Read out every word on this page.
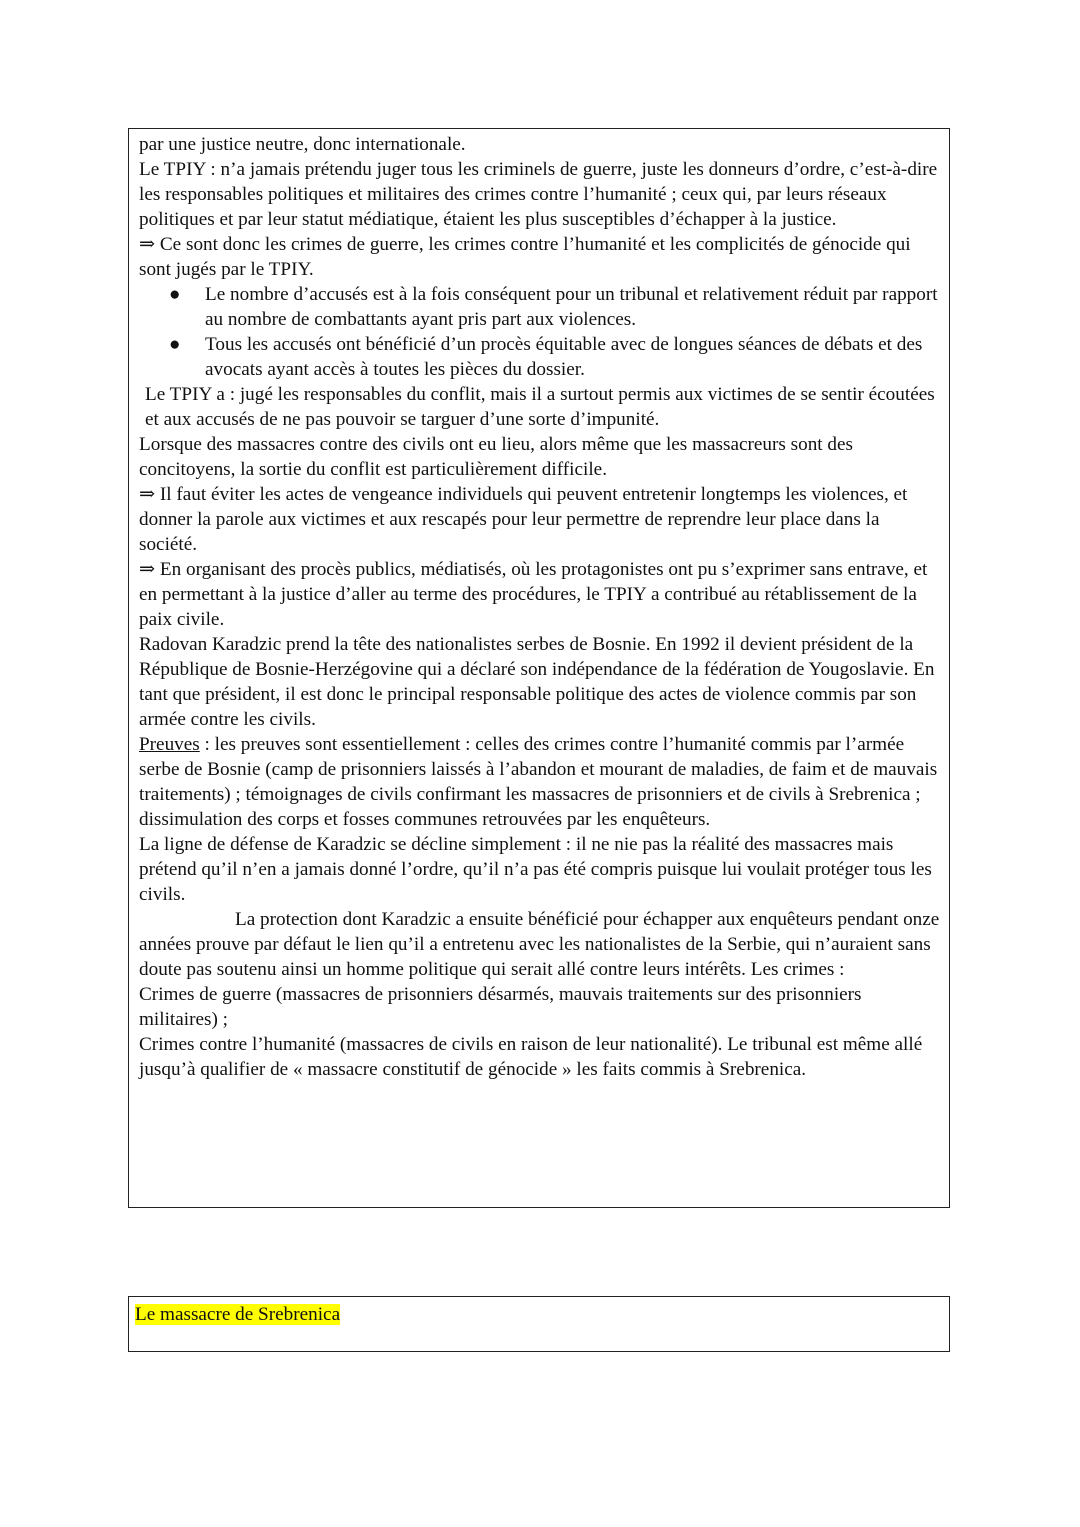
par une justice neutre, donc internationale.

Le TPIY : n’a jamais prétendu juger tous les criminels de guerre, juste les donneurs d’ordre, c’est-à-dire les responsables politiques et militaires des crimes contre l’humanité ; ceux qui, par leurs réseaux politiques et par leur statut médiatique, étaient les plus susceptibles d’échapper à la justice.

⇒ Ce sont donc les crimes de guerre, les crimes contre l’humanité et les complicités de génocide qui sont jugés par le TPIY.

● Le nombre d’accusés est à la fois conséquent pour un tribunal et relativement réduit par rapport au nombre de combattants ayant pris part aux violences.
● Tous les accusés ont bénéficié d’un procès équitable avec de longues séances de débats et des avocats ayant accès à toutes les pièces du dossier.

Le TPIY a : jugé les responsables du conflit, mais il a surtout permis aux victimes de se sentir écoutées et aux accusés de ne pas pouvoir se targuer d’une sorte d’impunité.

Lorsque des massacres contre des civils ont eu lieu, alors même que les massacreurs sont des concitoyens, la sortie du conflit est particulièrement difficile.

⇒ Il faut éviter les actes de vengeance individuels qui peuvent entretenir longtemps les violences, et donner la parole aux victimes et aux rescapés pour leur permettre de reprendre leur place dans la société.

⇒ En organisant des procès publics, médiatisés, où les protagonistes ont pu s’exprimer sans entrave, et en permettant à la justice d’aller au terme des procédures, le TPIY a contribué au rétablissement de la paix civile.

Radovan Karadzic prend la tête des nationalistes serbes de Bosnie. En 1992 il devient président de la République de Bosnie-Herzégovine qui a déclaré son indépendance de la fédération de Yougoslavie. En tant que président, il est donc le principal responsable politique des actes de violence commis par son armée contre les civils.

Preuves : les preuves sont essentiellement : celles des crimes contre l’humanité commis par l’armée serbe de Bosnie (camp de prisonniers laissés à l’abandon et mourant de maladies, de faim et de mauvais traitements) ; témoignages de civils confirmant les massacres de prisonniers et de civils à Srebrenica ; dissimulation des corps et fosses communes retrouvées par les enquêteurs.

La ligne de défense de Karadzic se décline simplement : il ne nie pas la réalité des massacres mais prétend qu’il n’en a jamais donné l’ordre, qu’il n’a pas été compris puisque lui voulait protéger tous les civils.

La protection dont Karadzic a ensuite bénéficié pour échapper aux enquêteurs pendant onze années prouve par défaut le lien qu’il a entretenu avec les nationalistes de la Serbie, qui n’auraient sans doute pas soutenu ainsi un homme politique qui serait allé contre leurs intérêts. Les crimes :

Crimes de guerre (massacres de prisonniers désarmés, mauvais traitements sur des prisonniers militaires) ;

Crimes contre l’humanité (massacres de civils en raison de leur nationalité). Le tribunal est même allé jusqu’à qualifier de « massacre constitutif de génocide » les faits commis à Srebrenica.

Le massacre de Srebrenica
